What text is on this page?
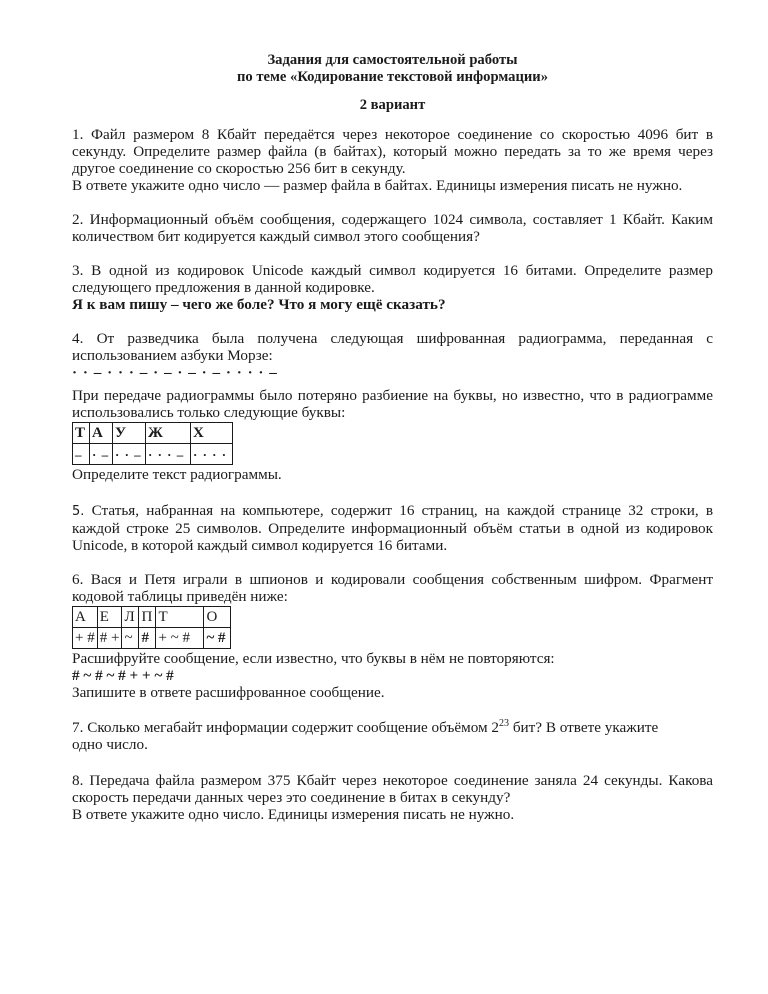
Задания для самостоятельной работы
по теме «Кодирование текстовой информации»
2 вариант

1. Файл размером 8 Кбайт передаётся через некоторое соединение со скоростью 4096 бит в секунду. Определите размер файла (в байтах), который можно передать за то же время через другое соединение со скоростью 256 бит в секунду.

В ответе укажите одно число — размер файла в байтах. Единицы измерения писать не нужно.

2. Информационный объём сообщения, содержащего 1024 символа, составляет 1 Кбайт. Каким количеством бит кодируется каждый символ этого сообщения?

3. В одной из кодировок Unicode каждый символ кодируется 16 битами. Определите размер следующего предложения в данной кодировке.

Я к вам пишу – чего же боле? Что я могу ещё сказать?

4. От разведчика была получена следующая шифрованная радиограмма, переданная с использованием азбуки Морзе:

· · – · · · – · – · – · – · · · · –

При передаче радиограммы было потеряно разбиение на буквы, но известно, что в радиограмме использовались только следующие буквы:

Т	А	У	Ж	Х
–	· –	· · –	· · · –	· · · ·

Определите текст радиограммы.

5. Статья, набранная на компьютере, содержит 16 страниц, на каждой странице 32 строки, в каждой строке 25 символов. Определите информационный объём статьи в одной из кодировок Unicode, в которой каждый символ кодируется 16 битами.

6. Вася и Петя играли в шпионов и кодировали сообщения собственным шифром. Фрагмент кодовой таблицы приведён ниже:

А	Е	Л	П	Т	О
+ #	# +	~	#	+ ~ #	~ #

Расшифруйте сообщение, если известно, что буквы в нём не повторяются:

# ~ # ~ # + + ~ #

Запишите в ответе расшифрованное сообщение.

7. Сколько мегабайт информации содержит сообщение объёмом $2^{23}$ бит? В ответе укажите одно число.

8. Передача файла размером 375 Кбайт через некоторое соединение заняла 24 секунды. Какова скорость передачи данных через это соединение в битах в секунду?

В ответе укажите одно число. Единицы измерения писать не нужно.
